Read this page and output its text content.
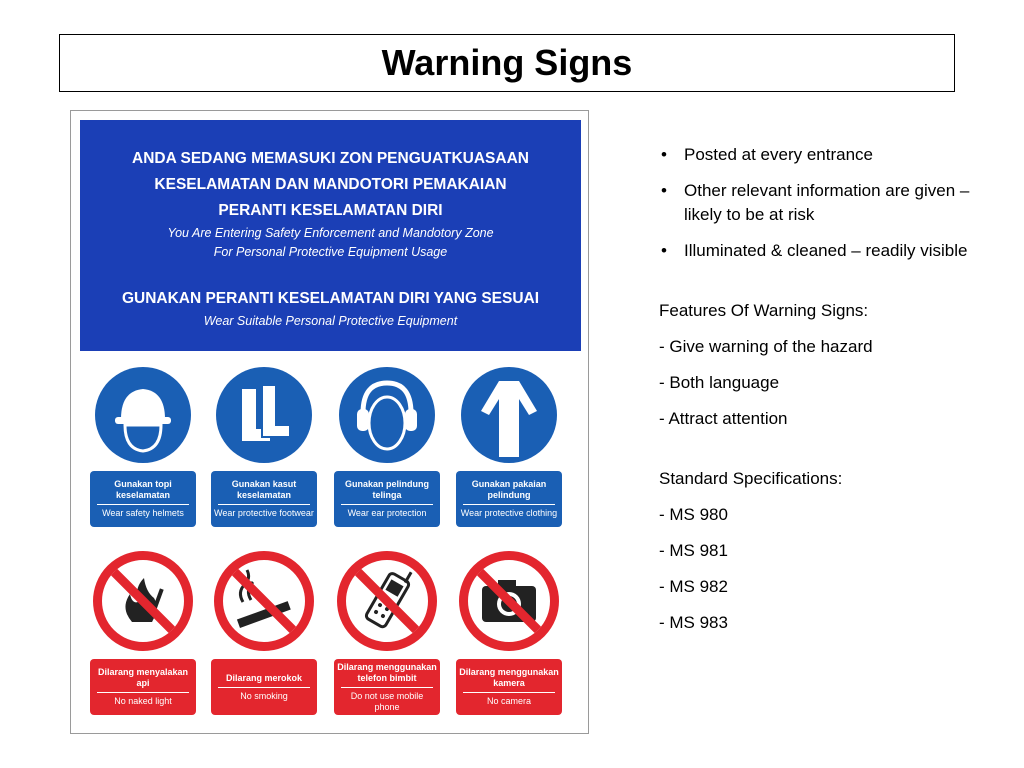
Warning Signs
ANDA SEDANG MEMASUKI ZON PENGUATKUASAAN
KESELAMATAN DAN MANDOTORI PEMAKAIAN
PERANTI KESELAMATAN DIRI
You Are Entering Safety Enforcement and Mandotory Zone
For Personal Protective Equipment Usage
GUNAKAN PERANTI KESELAMATAN DIRI YANG SESUAI
Wear Suitable Personal Protective Equipment
Gunakan topi keselamatan
Wear safety helmets
Gunakan kasut keselamatan
Wear protective footwear
Gunakan pelindung telinga
Wear ear protection
Gunakan pakaian pelindung
Wear protective clothing
Dilarang menyalakan api
No naked light
Dilarang merokok
No smoking
Dilarang menggunakan telefon bimbit
Do not use mobile phone
Dilarang menggunakan kamera
No camera
• Posted at every entrance
• Other relevant information are given – likely to be at risk
• Illuminated & cleaned – readily visible

Features Of Warning Signs:

- Give warning of the hazard

- Both language

- Attract attention

Standard Specifications:

- MS 980

- MS 981

- MS 982

- MS 983
